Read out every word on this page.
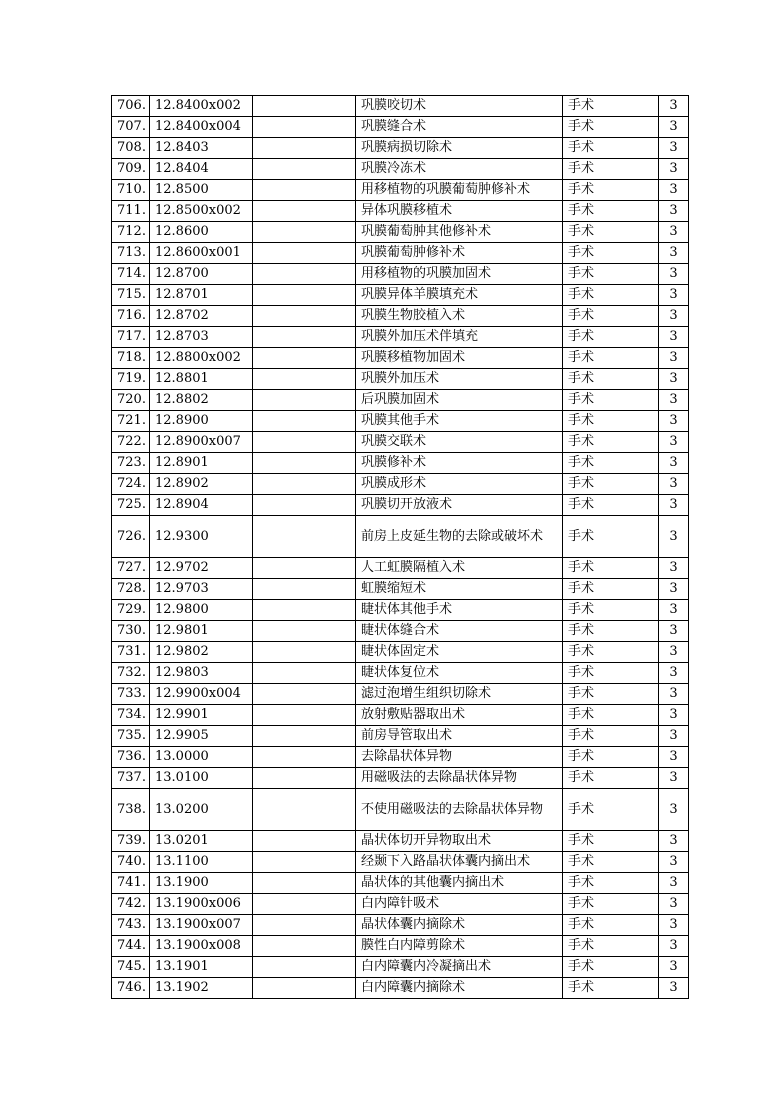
706.	12.8400x002		巩膜咬切术	手术	3
707.	12.8400x004		巩膜缝合术	手术	3
708.	12.8403		巩膜病损切除术	手术	3
709.	12.8404		巩膜冷冻术	手术	3
710.	12.8500		用移植物的巩膜葡萄肿修补术	手术	3
711.	12.8500x002		异体巩膜移植术	手术	3
712.	12.8600		巩膜葡萄肿其他修补术	手术	3
713.	12.8600x001		巩膜葡萄肿修补术	手术	3
714.	12.8700		用移植物的巩膜加固术	手术	3
715.	12.8701		巩膜异体羊膜填充术	手术	3
716.	12.8702		巩膜生物胶植入术	手术	3
717.	12.8703		巩膜外加压术伴填充	手术	3
718.	12.8800x002		巩膜移植物加固术	手术	3
719.	12.8801		巩膜外加压术	手术	3
720.	12.8802		后巩膜加固术	手术	3
721.	12.8900		巩膜其他手术	手术	3
722.	12.8900x007		巩膜交联术	手术	3
723.	12.8901		巩膜修补术	手术	3
724.	12.8902		巩膜成形术	手术	3
725.	12.8904		巩膜切开放液术	手术	3
726.	12.9300		前房上皮延生物的去除或破坏术	手术	3
727.	12.9702		人工虹膜隔植入术	手术	3
728.	12.9703		虹膜缩短术	手术	3
729.	12.9800		睫状体其他手术	手术	3
730.	12.9801		睫状体缝合术	手术	3
731.	12.9802		睫状体固定术	手术	3
732.	12.9803		睫状体复位术	手术	3
733.	12.9900x004		滤过泡增生组织切除术	手术	3
734.	12.9901		放射敷贴器取出术	手术	3
735.	12.9905		前房导管取出术	手术	3
736.	13.0000		去除晶状体异物	手术	3
737.	13.0100		用磁吸法的去除晶状体异物	手术	3
738.	13.0200		不使用磁吸法的去除晶状体异物	手术	3
739.	13.0201		晶状体切开异物取出术	手术	3
740.	13.1100		经颞下入路晶状体囊内摘出术	手术	3
741.	13.1900		晶状体的其他囊内摘出术	手术	3
742.	13.1900x006		白内障针吸术	手术	3
743.	13.1900x007		晶状体囊内摘除术	手术	3
744.	13.1900x008		膜性白内障剪除术	手术	3
745.	13.1901		白内障囊内冷凝摘出术	手术	3
746.	13.1902		白内障囊内摘除术	手术	3
